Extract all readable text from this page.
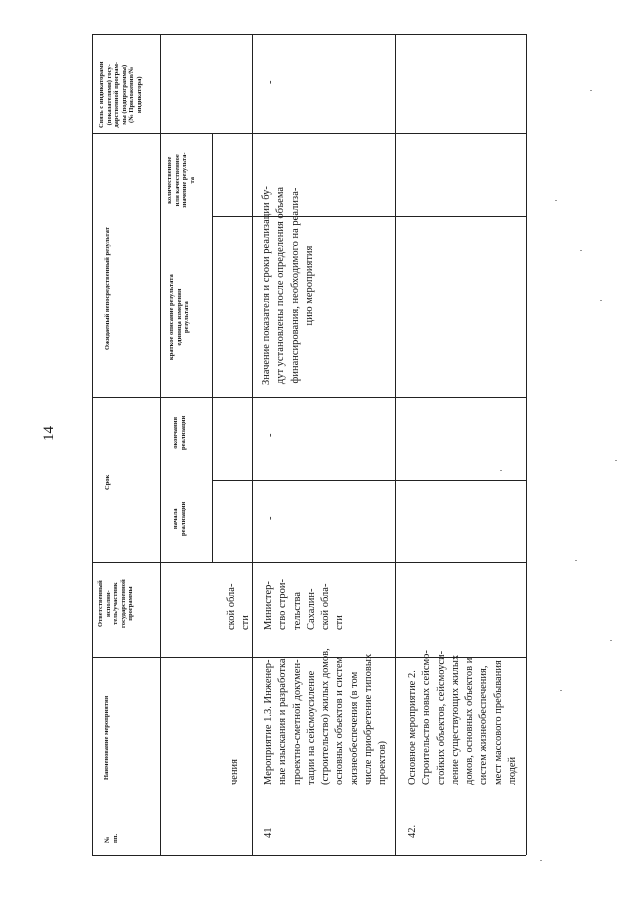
14
№ пп.
Наименование мероприятия
Ответственный исполни- тель/участник государственной программы
Срок
начала реализации
окончания реализации
Ожидаемый непосредственный результат	краткое описание результата единица измерения результата
количественное или качественное значение результа- та
Связь с индикаторами (показателями) госу- дарственной програм- мы (подпрограммы) (№ Приложения/№ индикатора)
чения
ской обла- сти
41
Мероприятие 1.3. Инженер- ные изыскания и разработка проектно-сметной докумен- тации на сейсмоусиление (строительство) жилых домов, основных объектов и систем жизнеобеспечения (в том числе приобретение типовых проектов)
Министер- ство строи- тельства Сахалин- ской обла- сти
-
-
Значение показателя и сроки реализации бу- дут установлены после определения объема финансирования, необходимого на реализа- цию мероприятия
-
42.
Основное мероприятие 2. Строительство новых сейсмо- стойких объектов, сейсмоуси- ление существующих жилых домов, основных объектов и систем жизнеобеспечения, мест массового пребывания людей
